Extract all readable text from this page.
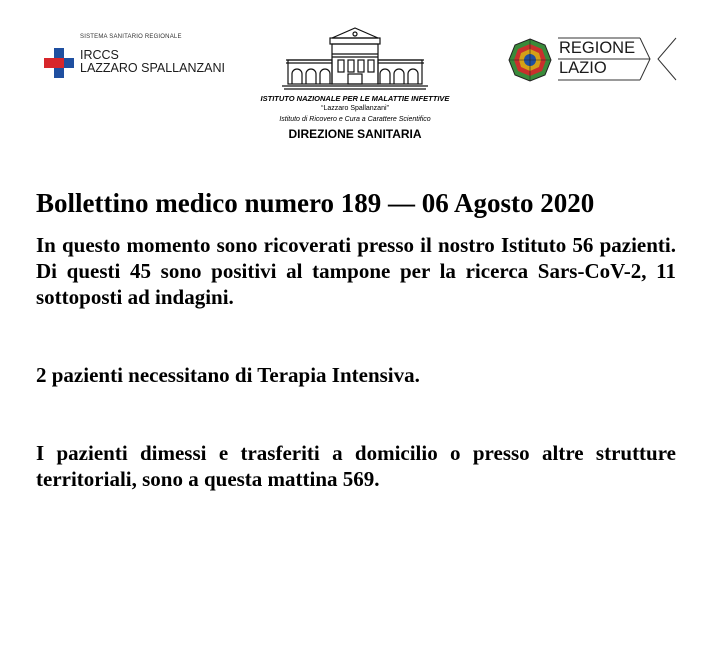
SISTEMA SANITARIO REGIONALE
IRCCS
LAZZARO SPALLANZANI
ISTITUTO NAZIONALE PER LE MALATTIE INFETTIVE
“Lazzaro Spallanzani”
Istituto di Ricovero e Cura a Carattere Scientifico
DIREZIONE SANITARIA
REGIONE
LAZIO
Bollettino medico numero 189 — 06 Agosto 2020

In questo momento sono ricoverati presso il nostro Istituto 56 pazienti. Di questi 45 sono positivi al tampone per la ricerca Sars-CoV-2, 11 sottoposti ad indagini.

2 pazienti necessitano di Terapia Intensiva.

I pazienti dimessi e trasferiti a domicilio o presso altre strutture territoriali, sono a questa mattina 569.
